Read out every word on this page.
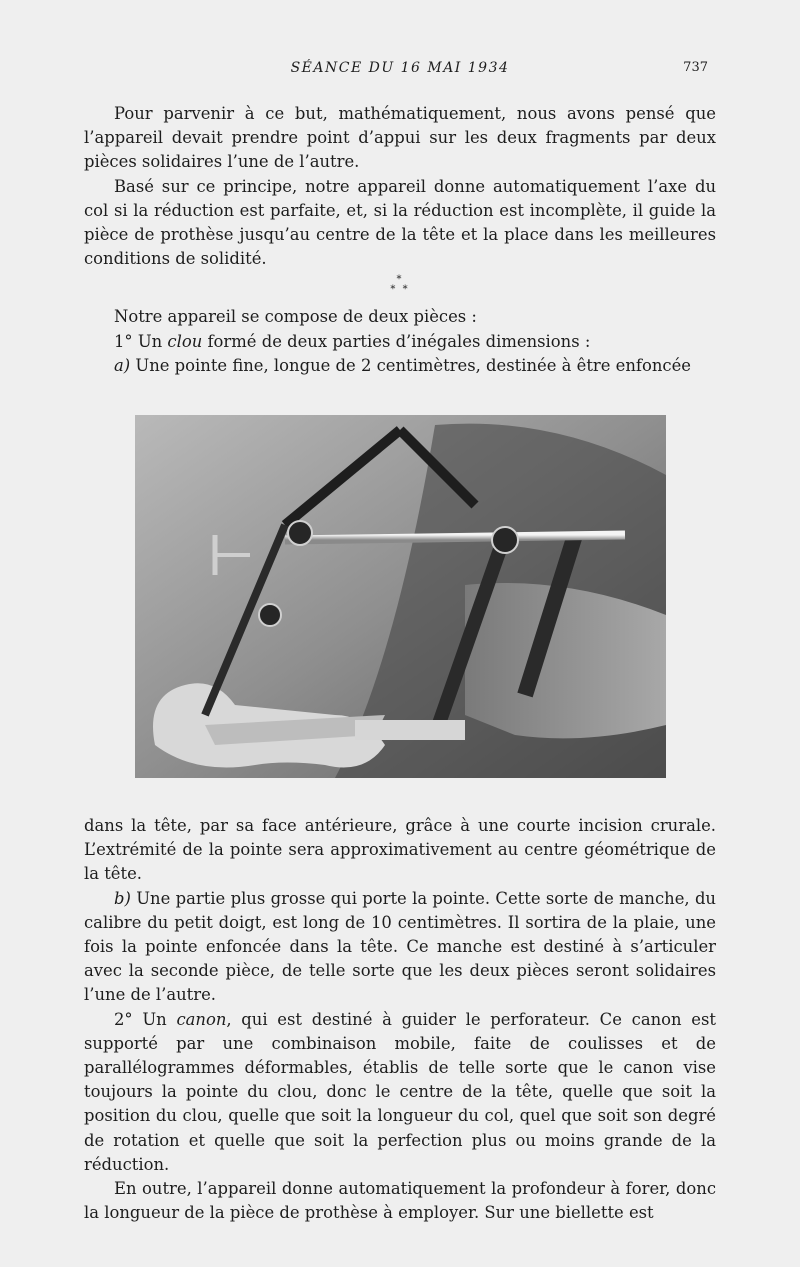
SÉANCE DU 16 MAI 1934	737

Pour parvenir à ce but, mathématiquement, nous avons pensé que l’appareil devait prendre point d’appui sur les deux fragments par deux pièces solidaires l’une de l’autre.

Basé sur ce principe, notre appareil donne automatiquement l’axe du col si la réduction est parfaite, et, si la réduction est incomplète, il guide la pièce de prothèse jusqu’au centre de la tête et la place dans les meilleures conditions de solidité.

*
* *

Notre appareil se compose de deux pièces :

1° Un clou formé de deux parties d’inégales dimensions :

a) Une pointe fine, longue de 2 centimètres, destinée à être enfoncée

dans la tête, par sa face antérieure, grâce à une courte incision crurale. L’extrémité de la pointe sera approximativement au centre géométrique de la tête.

b) Une partie plus grosse qui porte la pointe. Cette sorte de manche, du calibre du petit doigt, est long de 10 centimètres. Il sortira de la plaie, une fois la pointe enfoncée dans la tête. Ce manche est destiné à s’articuler avec la seconde pièce, de telle sorte que les deux pièces seront solidaires l’une de l’autre.

2° Un canon, qui est destiné à guider le perforateur. Ce canon est supporté par une combinaison mobile, faite de coulisses et de parallélogrammes déformables, établis de telle sorte que le canon vise toujours la pointe du clou, donc le centre de la tête, quelle que soit la position du clou, quelle que soit la longueur du col, quel que soit son degré de rotation et quelle que soit la perfection plus ou moins grande de la réduction.

En outre, l’appareil donne automatiquement la profondeur à forer, donc la longueur de la pièce de prothèse à employer. Sur une biellette est
